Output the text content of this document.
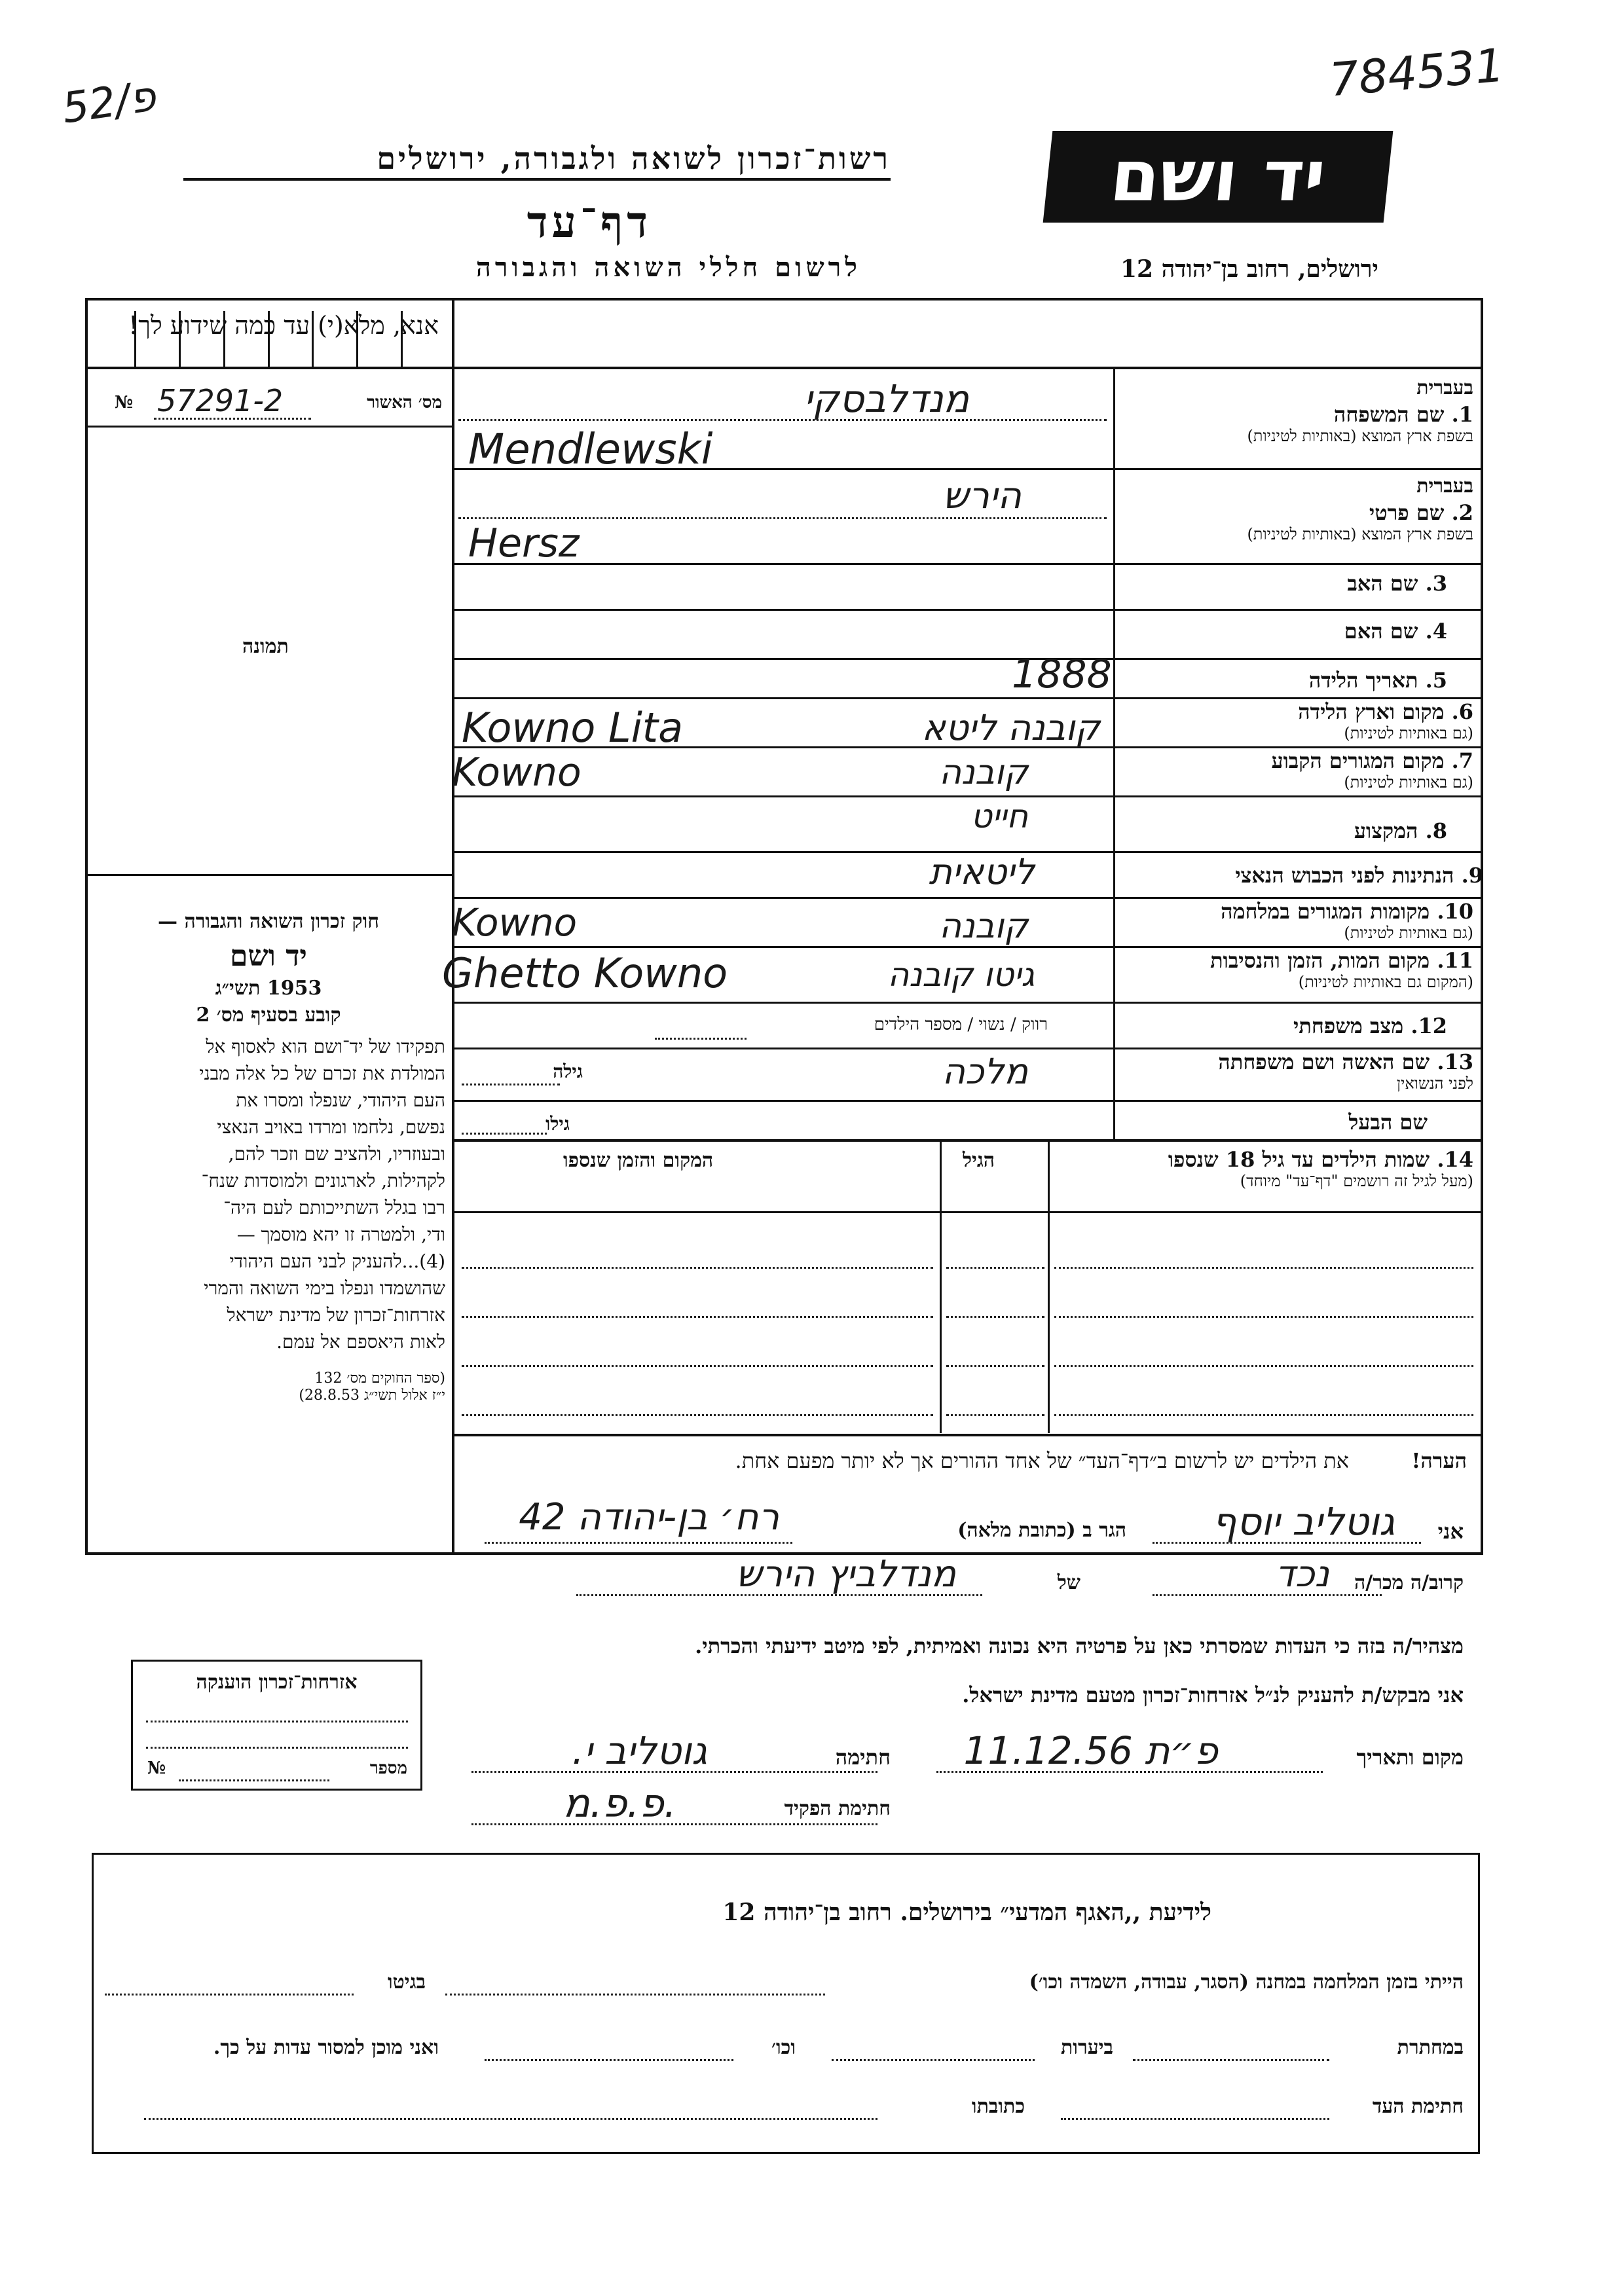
52/פ	784531
רשות־זכרון לשואה ולגבורה, ירושלים
דף־עד
לרשום חללי השואה והגבורה
יד ושם
ירושלים, רחוב בן־יהודה 12
אנא, מלא(י) עד כמה שידוע לך!
№ 57291-2	מס׳ האשור
תמונה
חוק זכרון השואה והגבורה —
יד ושם
תשי״ג 1953
קובע בסעיף מס׳ 2
תפקידו של יד־ושם הוא לאסוף אל
המולדת את זכרם של כל אלה מבני
העם היהודי, שנפלו ומסרו את
נפשם, נלחמו ומרדו באויב הנאצי
ובעוזריו, ולהציב שם וזכר להם,
לקהילות, לארגונים ולמוסדות שנח־
רבו בגלל השתייכותם לעם היה־
ודי, ולמטרה זו יהא מוסמך —
(4)...להעניק לבני העם היהודי
שהושמדו ונפלו בימי השואה והמרי
אזרחות־זכרון של מדינת ישראל
לאות היאספם אל עמם.
(ספר החוקים מס׳ 132
י״ז אלול תשי״ג 28.8.53)
בעברית
1. שם המשפחה
בשפת ארץ המוצא (באותיות לטיניות)
מנדלבסקי
Mendlewski
בעברית
2. שם פרטי
בשפת ארץ המוצא (באותיות לטיניות)
הירש
Hersz
3. שם האב
4. שם האם
5. תאריך הלידה
1888
6. מקום וארץ הלידה
(גם באותיות לטיניות)
Kowno Lita	קובנה ליטא
7. מקום המגורים הקבוע
(גם באותיות לטיניות)
Kowno	קובנה
8. המקצוע
חייט
9. הנתינות לפני הכבוש הנאצי
ליטאית
10. מקומות המגורים במלחמה
(גם באותיות לטיניות)
Kowno	קובנה
11. מקום המות, הזמן והנסיבות
(המקום גם באותיות לטיניות)
Ghetto Kowno	גיטו קובנה
12. מצב משפחתי
רווק / נשוי / מספר הילדים
13. שם האשה ושם משפחתה
לפני הנשואין
מלכה
גילה
שם הבעל
גילו
14. שמות הילדים עד גיל 18 שנספו
(מעל לגיל זה רושמים "דף־עד" מיוחד)
הגיל
המקום והזמן שנספו
הערה!
את הילדים יש לרשום ב״דף־העד״ של אחד ההורים אך לא יותר מפעם אחת.
אני
גוטליב יוסף
הגר ב (כתובת מלאה)
רח׳ בן-יהודה 42
קרוב/ה מכר/ה
נכד
של
מנדלביץ הירש
מצהיר/ה בזה כי העדות שמסרתי כאן על פרטיה היא נכונה ואמיתית, לפי מיטב ידיעתי והכרתי.
אני מבקש/ת להעניק לנ״ל אזרחות־זכרון מטעם מדינת ישראל.
אזרחות־זכרון הוענקה
№	מספר	מקום ותאריך
פ״ת 11.12.56
חתימה
גוטליב י.
חתימת הפקיד
פ.פ.מ.
לידיעת ,,האגף המדעי״ בירושלים. רחוב בן־יהודה 12
הייתי בזמן המלחמה במחנה (הסגר, עבודה, השמדה וכו׳)
בגיטו
במחתרת
ביערות
וכו׳
ואני מוכן למסור עדות על כך.
חתימת העד
כתובתו
